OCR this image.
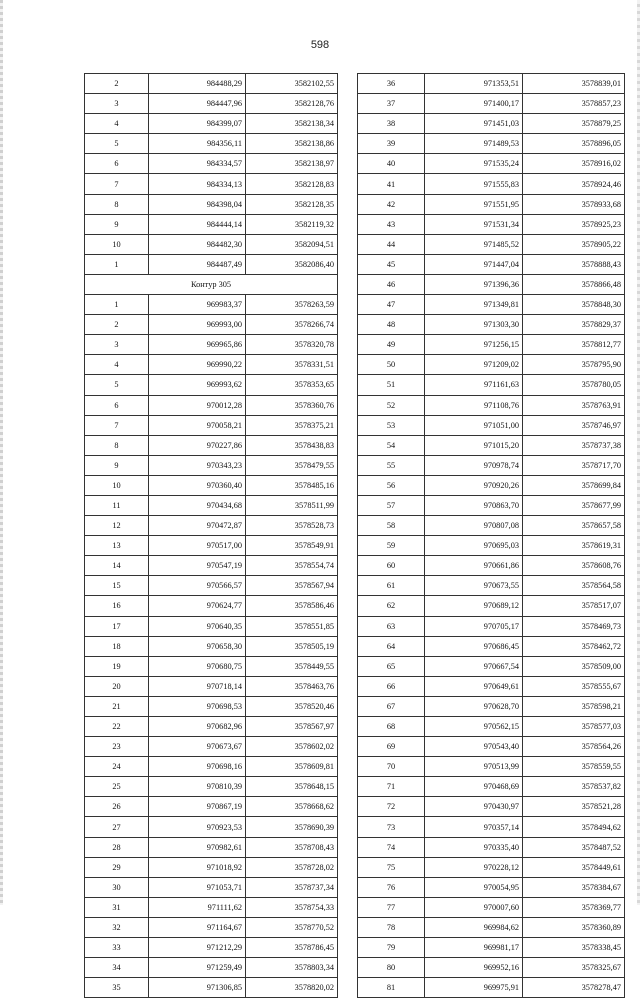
598
2	984488,29	3582102,55
3	984447,96	3582128,76
4	984399,07	3582138,34
5	984356,11	3582138,86
6	984334,57	3582138,97
7	984334,13	3582128,83
8	984398,04	3582128,35
9	984444,14	3582119,32
10	984482,30	3582094,51
1	984487,49	3582086,40
Контур 305		
1	969983,37	3578263,59
2	969993,00	3578266,74
3	969965,86	3578320,78
4	969990,22	3578331,51
5	969993,62	3578353,65
6	970012,28	3578360,76
7	970058,21	3578375,21
8	970227,86	3578438,83
9	970343,23	3578479,55
10	970360,40	3578485,16
11	970434,68	3578511,99
12	970472,87	3578528,73
13	970517,00	3578549,91
14	970547,19	3578554,74
15	970566,57	3578567,94
16	970624,77	3578586,46
17	970640,35	3578551,85
18	970658,30	3578505,19
19	970680,75	3578449,55
20	970718,14	3578463,76
21	970698,53	3578520,46
22	970682,96	3578567,97
23	970673,67	3578602,02
24	970698,16	3578609,81
25	970810,39	3578648,15
26	970867,19	3578668,62
27	970923,53	3578690,39
28	970982,61	3578708,43
29	971018,92	3578728,02
30	971053,71	3578737,34
31	971111,62	3578754,33
32	971164,67	3578770,52
33	971212,29	3578786,45
34	971259,49	3578803,34
35	971306,85	3578820,02
36	971353,51	3578839,01
37	971400,17	3578857,23
38	971451,03	3578879,25
39	971489,53	3578896,05
40	971535,24	3578916,02
41	971555,83	3578924,46
42	971551,95	3578933,68
43	971531,34	3578925,23
44	971485,52	3578905,22
45	971447,04	3578888,43
46	971396,36	3578866,48
47	971349,81	3578848,30
48	971303,30	3578829,37
49	971256,15	3578812,77
50	971209,02	3578795,90
51	971161,63	3578780,05
52	971108,76	3578763,91
53	971051,00	3578746,97
54	971015,20	3578737,38
55	970978,74	3578717,70
56	970920,26	3578699,84
57	970863,70	3578677,99
58	970807,08	3578657,58
59	970695,03	3578619,31
60	970661,86	3578608,76
61	970673,55	3578564,58
62	970689,12	3578517,07
63	970705,17	3578469,73
64	970686,45	3578462,72
65	970667,54	3578509,00
66	970649,61	3578555,67
67	970628,70	3578598,21
68	970562,15	3578577,03
69	970543,40	3578564,26
70	970513,99	3578559,55
71	970468,69	3578537,82
72	970430,97	3578521,28
73	970357,14	3578494,62
74	970335,40	3578487,52
75	970228,12	3578449,61
76	970054,95	3578384,67
77	970007,60	3578369,77
78	969984,62	3578360,89
79	969981,17	3578338,45
80	969952,16	3578325,67
81	969975,91	3578278,47
